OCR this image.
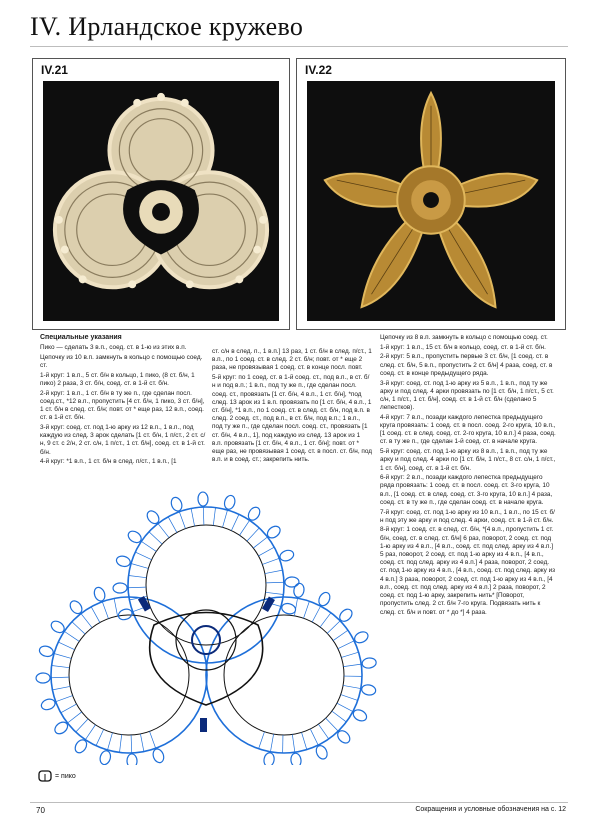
IV. Ирландское кружево
IV.21	IV.22
Специальные указания

Пико — сделать 3 в.п., соед. ст. в 1-ю из этих в.п.

Цепочку из 10 в.п. замкнуть в кольцо с помощью соед. ст.

1-й круг: 1 в.п., 5 ст. б/н в кольцо, 1 пико, (8 ст. б/н, 1 пико) 2 раза, 3 ст. б/н, соед. ст. в 1-й ст. б/н.

2-й круг: 1 в.п., 1 ст. б/н в ту же п., где сделан посл. соед.ст., *12 в.п., пропустить [4 ст. б/н, 1 пико, 3 ст. б/н], 1 ст. б/н в след. ст. б/н; повт. от * еще раз, 12 в.п., соед. ст. в 1-й ст. б/н.

3-й круг: соед. ст. под 1-ю арку из 12 в.п., 1 в.п., под каждую из след. 3 арок сделать [1 ст. б/н, 1 п/ст., 2 ст. с/н, 9 ст. с 2/н, 2 ст. с/н, 1 п/ст., 1 ст. б/н], соед. ст. в 1-й ст. б/н.

4-й круг: *1 в.п., 1 ст. б/н в след. п/ст., 1 в.п., [1

ст. с/н в след. п., 1 в.п.] 13 раз, 1 ст. б/н в след. п/ст., 1 в.п., по 1 соед. ст. в след. 2 ст. б/н; повт. от * еще 2 раза, не провязывая 1 соед. ст. в конце посл. повт.

5-й круг: по 1 соед. ст. в 1-й соед. ст., под в.п., в ст. б/н и под в.п.; 1 в.п., под ту же п., где сделан посл. соед. ст., провязать [1 ст. б/н, 4 в.п., 1 ст. б/н], *под след. 13 арок из 1 в.п. провязать по [1 ст. б/н, 4 в.п., 1 ст. б/н], *1 в.п., по 1 соед. ст. в след. ст. б/н, под в.п. в след. 2 соед. ст., под в.п., в ст. б/н, под в.п.; 1 в.п., под ту же п., где сделан посл. соед. ст., провязать [1 ст. б/н, 4 в.п., 1], под каждую из след. 13 арок из 1 в.п. провязать [1 ст. б/н, 4 в.п., 1 ст. б/н]; повт. от * еще раз, не провязывая 1 соед. ст. в посл. ст. б/н, под в.п. и в соед. ст.; закрепить нить.

Цепочку из 8 в.п. замкнуть в кольцо с помощью соед. ст.

1-й круг: 1 в.п., 15 ст. б/н в кольцо, соед. ст. в 1-й ст. б/н.

2-й круг: 5 в.п., пропустить первые 3 ст. б/н, [1 соед. ст. в след. ст. б/н, 5 в.п., пропустить 2 ст. б/н] 4 раза, соед. ст. в соед. ст. в конце предыдущего ряда.

3-й круг: соед. ст. под 1-ю арку из 5 в.п., 1 в.п., под ту же арку и под след. 4 арки провязать по [1 ст. б/н, 1 п/ст., 5 ст. с/н, 1 п/ст., 1 ст. б/н], соед. ст. в 1-й ст. б/н (сделано 5 лепестков).

4-й круг: 7 в.п., позади каждого лепестка предыдущего круга провязать: 1 соед. ст. в посл. соед. 2-го круга, 10 в.п., [1 соед. ст. в след. соед. ст. 2-го круга, 10 в.п.] 4 раза, соед. ст. в ту же п., где сделан 1-й соед. ст. в начале круга.

5-й круг: соед. ст. под 1-ю арку из 8 в.п., 1 в.п., под ту же арку и под след. 4 арки по [1 ст. б/н, 1 п/ст., 8 ст. с/н, 1 п/ст., 1 ст. б/н], соед. ст. в 1-й ст. б/н.

6-й круг: 2 в.п., позади каждого лепестка предыдущего ряда провязать: 1 соед. ст. в посл. соед. ст. 3-го круга, 10 в.п., [1 соед. ст. в след. соед. ст. 3-го круга, 10 в.п.] 4 раза, соед. ст. в ту же п., где сделан соед. ст. в начале круга.

7-й круг: соед. ст. под 1-ю арку из 10 в.п., 1 в.п., по 15 ст. б/н под эту же арку и под след. 4 арки, соед. ст. в 1-й ст. б/н.

8-й круг: 1 соед. ст. в след. ст. б/н, *[4 в.п., пропустить 1 ст. б/н, соед. ст. в след. ст. б/н] 6 раз, поворот, 2 соед. ст. под 1-ю арку из 4 в.п., [4 в.п., соед. ст. под след. арку из 4 в.п.] 5 раз, поворот, 2 соед. ст. под 1-ю арку из 4 в.п., [4 в.п., соед. ст. под след. арку из 4 в.п.] 4 раза, поворот, 2 соед. ст. под 1-ю арку из 4 в.п., [4 в.п., соед. ст. под след. арку из 4 в.п.] 3 раза, поворот, 2 соед. ст. под 1-ю арку из 4 в.п., [4 в.п., соед. ст. под след. арку из 4 в.п.] 2 раза, поворот, 2 соед. ст. под 1-ю арку, закрепить нить* [Поворот, пропустить след. 2 ст. б/н 7-го круга. Подвязать нить к след. ст. б/н и повт. от * до *] 4 раза.

= пико
70	Сокращения и условные обозначения на с. 12
